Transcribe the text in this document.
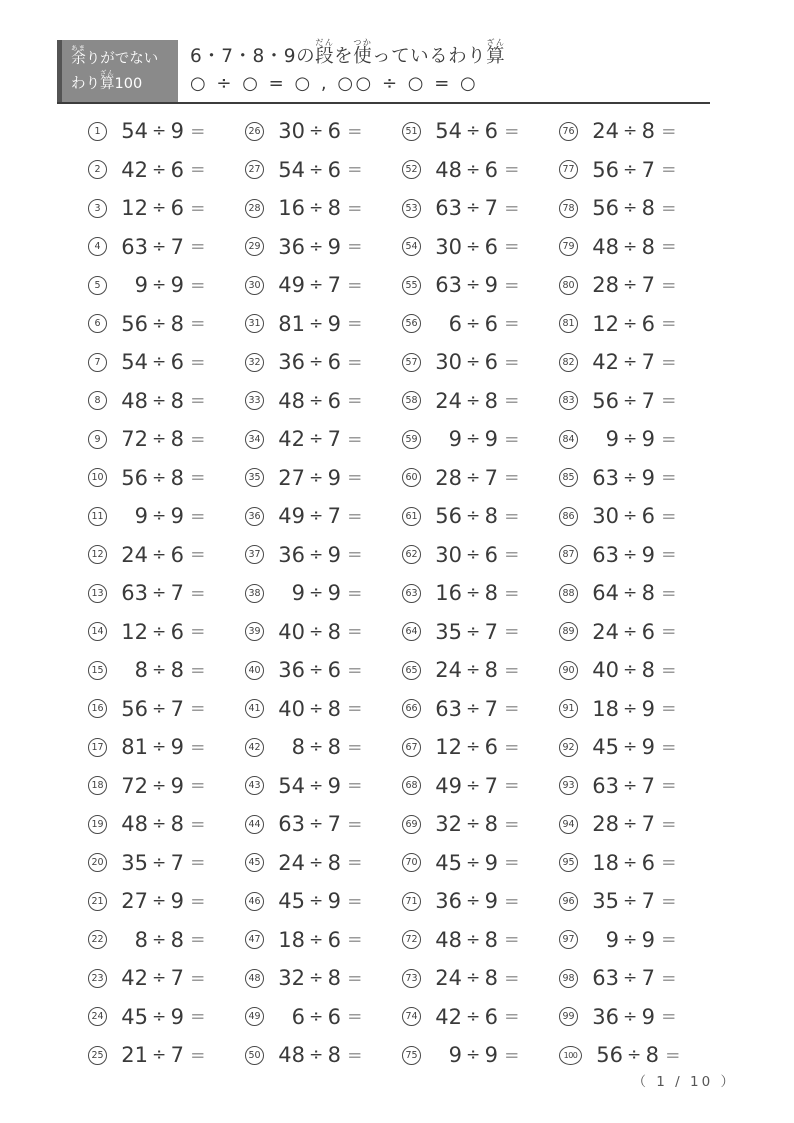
余あまりがでない
わり算ざん100
6・7・8・9の段だんを使つかっているわり算ざん
○ ÷ ○ = ○ , ○○ ÷ ○ = ○
1 54 ÷ 9 =
2 42 ÷ 6 =
3 12 ÷ 6 =
4 63 ÷ 7 =
5	9 ÷ 9 =
6 56 ÷ 8 =
7 54 ÷ 6 =
8 48 ÷ 8 =
9 72 ÷ 8 =
10 56 ÷ 8 =
11	9 ÷ 9 =
12 24 ÷ 6 =
13 63 ÷ 7 =
14 12 ÷ 6 =
15	8 ÷ 8 =
16 56 ÷ 7 =
17 81 ÷ 9 =
18 72 ÷ 9 =
19 48 ÷ 8 =
20 35 ÷ 7 =
21 27 ÷ 9 =
22	8 ÷ 8 =
23 42 ÷ 7 =
24 45 ÷ 9 =
25 21 ÷ 7 =
26 30 ÷ 6 =
27 54 ÷ 6 =
28 16 ÷ 8 =
29 36 ÷ 9 =
30 49 ÷ 7 =
31 81 ÷ 9 =
32 36 ÷ 6 =
33 48 ÷ 6 =
34 42 ÷ 7 =
35 27 ÷ 9 =
36 49 ÷ 7 =
37 36 ÷ 9 =
38	9 ÷ 9 =
39 40 ÷ 8 =
40 36 ÷ 6 =
41 40 ÷ 8 =
42	8 ÷ 8 =
43 54 ÷ 9 =
44 63 ÷ 7 =
45 24 ÷ 8 =
46 45 ÷ 9 =
47 18 ÷ 6 =
48 32 ÷ 8 =
49	6 ÷ 6 =
50 48 ÷ 8 =
51 54 ÷ 6 =
52 48 ÷ 6 =
53 63 ÷ 7 =
54 30 ÷ 6 =
55 63 ÷ 9 =
56	6 ÷ 6 =
57 30 ÷ 6 =
58 24 ÷ 8 =
59	9 ÷ 9 =
60 28 ÷ 7 =
61 56 ÷ 8 =
62 30 ÷ 6 =
63 16 ÷ 8 =
64 35 ÷ 7 =
65 24 ÷ 8 =
66 63 ÷ 7 =
67 12 ÷ 6 =
68 49 ÷ 7 =
69 32 ÷ 8 =
70 45 ÷ 9 =
71 36 ÷ 9 =
72 48 ÷ 8 =
73 24 ÷ 8 =
74 42 ÷ 6 =
75	9 ÷ 9 =
76 24 ÷ 8 =
77 56 ÷ 7 =
78 56 ÷ 8 =
79 48 ÷ 8 =
80 28 ÷ 7 =
81 12 ÷ 6 =
82 42 ÷ 7 =
83 56 ÷ 7 =
84	9 ÷ 9 =
85 63 ÷ 9 =
86 30 ÷ 6 =
87 63 ÷ 9 =
88 64 ÷ 8 =
89 24 ÷ 6 =
90 40 ÷ 8 =
91 18 ÷ 9 =
92 45 ÷ 9 =
93 63 ÷ 7 =
94 28 ÷ 7 =
95 18 ÷ 6 =
96 35 ÷ 7 =
97	9 ÷ 9 =
98 63 ÷ 7 =
99 36 ÷ 9 =
100 56 ÷ 8 =
（ 1 / 10 ）
